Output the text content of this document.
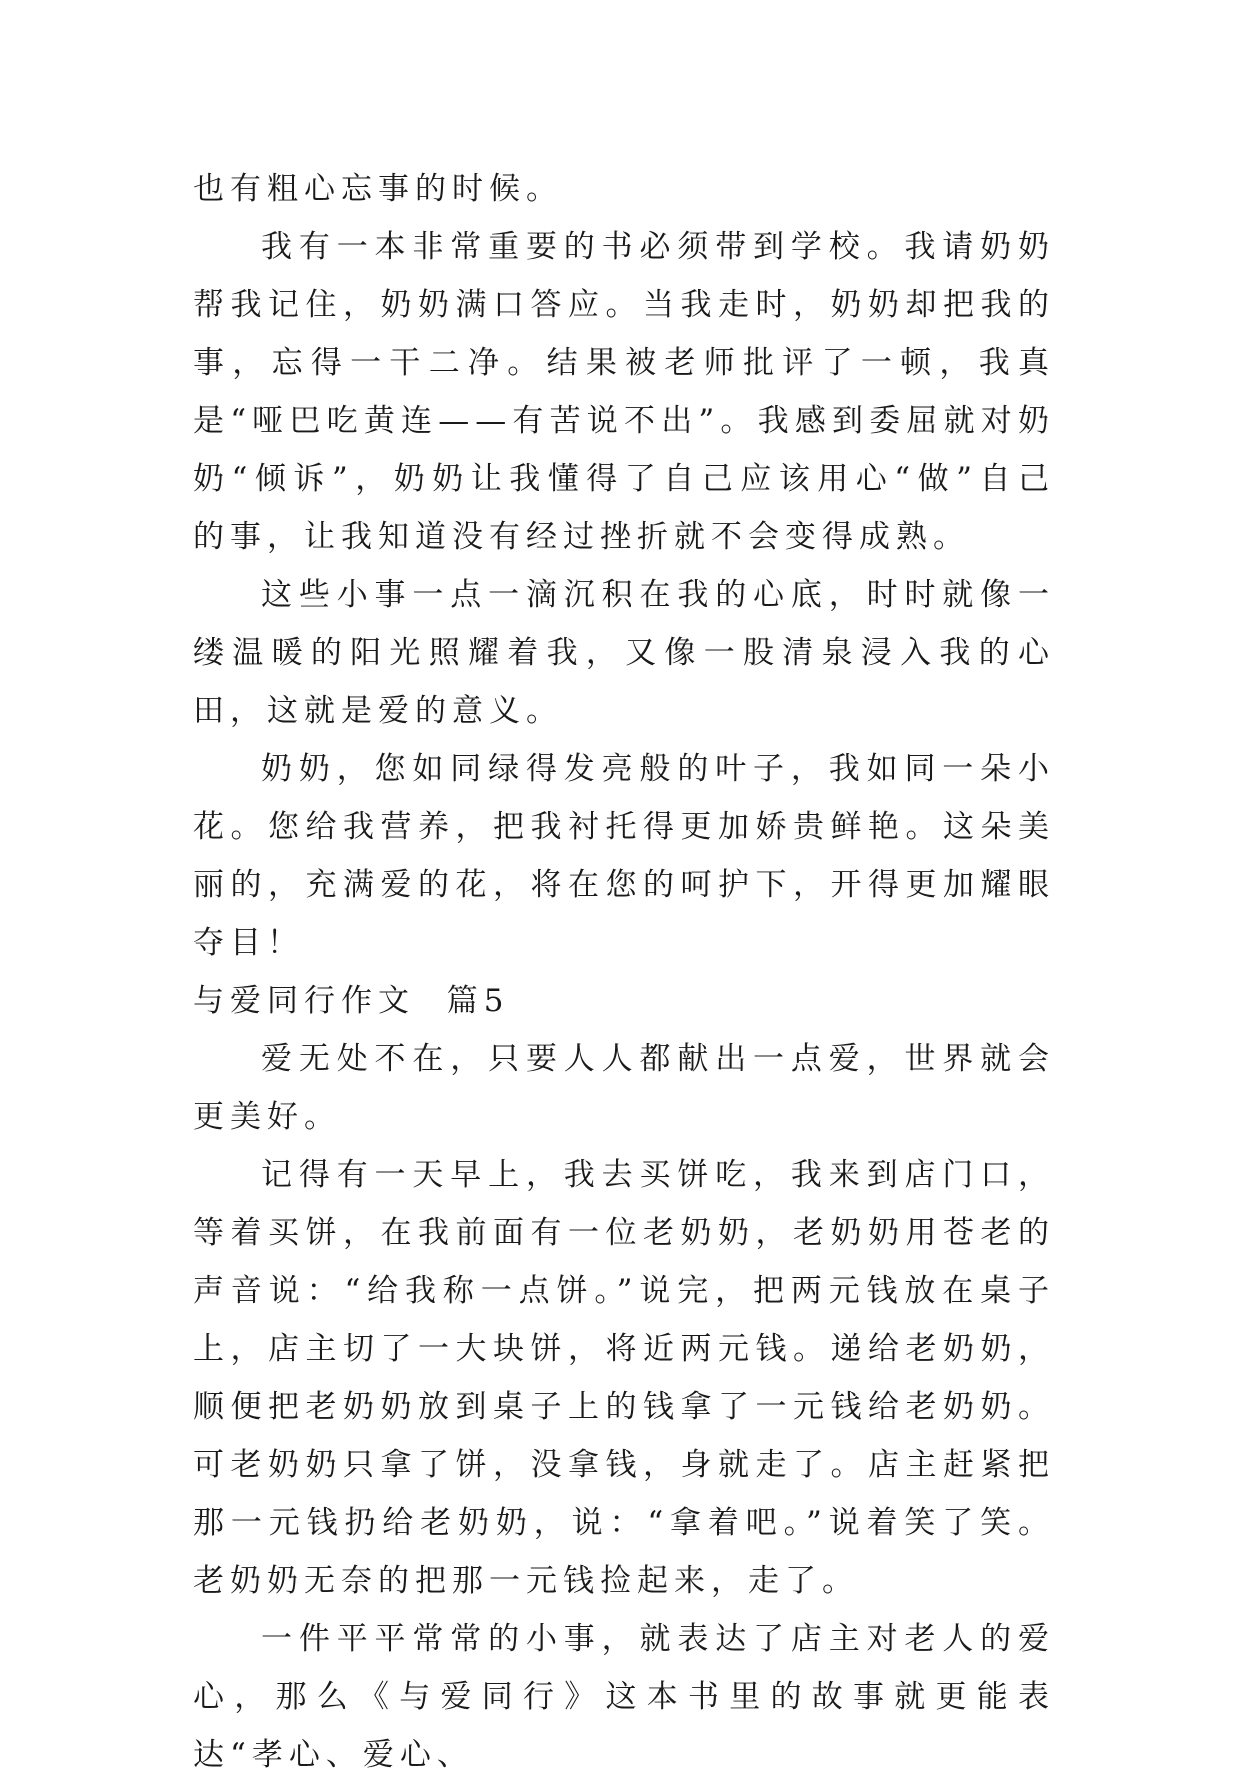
也有粗心忘事的时候。

我有一本非常重要的书必须带到学校。我请奶奶帮我记住，奶奶满口答应。当我走时，奶奶却把我的事，忘得一干二净。结果被老师批评了一顿，我真是“哑巴吃黄连——有苦说不出”。我感到委屈就对奶奶“倾诉”，奶奶让我懂得了自己应该用心“做”自己的事，让我知道没有经过挫折就不会变得成熟。

这些小事一点一滴沉积在我的心底，时时就像一缕温暖的阳光照耀着我，又像一股清泉浸入我的心田，这就是爱的意义。

奶奶，您如同绿得发亮般的叶子，我如同一朵小花。您给我营养，把我衬托得更加娇贵鲜艳。这朵美丽的，充满爱的花，将在您的呵护下，开得更加耀眼夺目！

与爱同行作文  篇5

爱无处不在，只要人人都献出一点爱，世界就会更美好。

记得有一天早上，我去买饼吃，我来到店门口，等着买饼，在我前面有一位老奶奶，老奶奶用苍老的声音说：“给我称一点饼。”说完，把两元钱放在桌子上，店主切了一大块饼，将近两元钱。递给老奶奶，顺便把老奶奶放到桌子上的钱拿了一元钱给老奶奶。可老奶奶只拿了饼，没拿钱，身就走了。店主赶紧把那一元钱扔给老奶奶，说：“拿着吧。”说着笑了笑。老奶奶无奈的把那一元钱捡起来，走了。

一件平平常常的小事，就表达了店主对老人的爱心，那么《与爱同行》这本书里的故事就更能表达“孝心、爱心、
